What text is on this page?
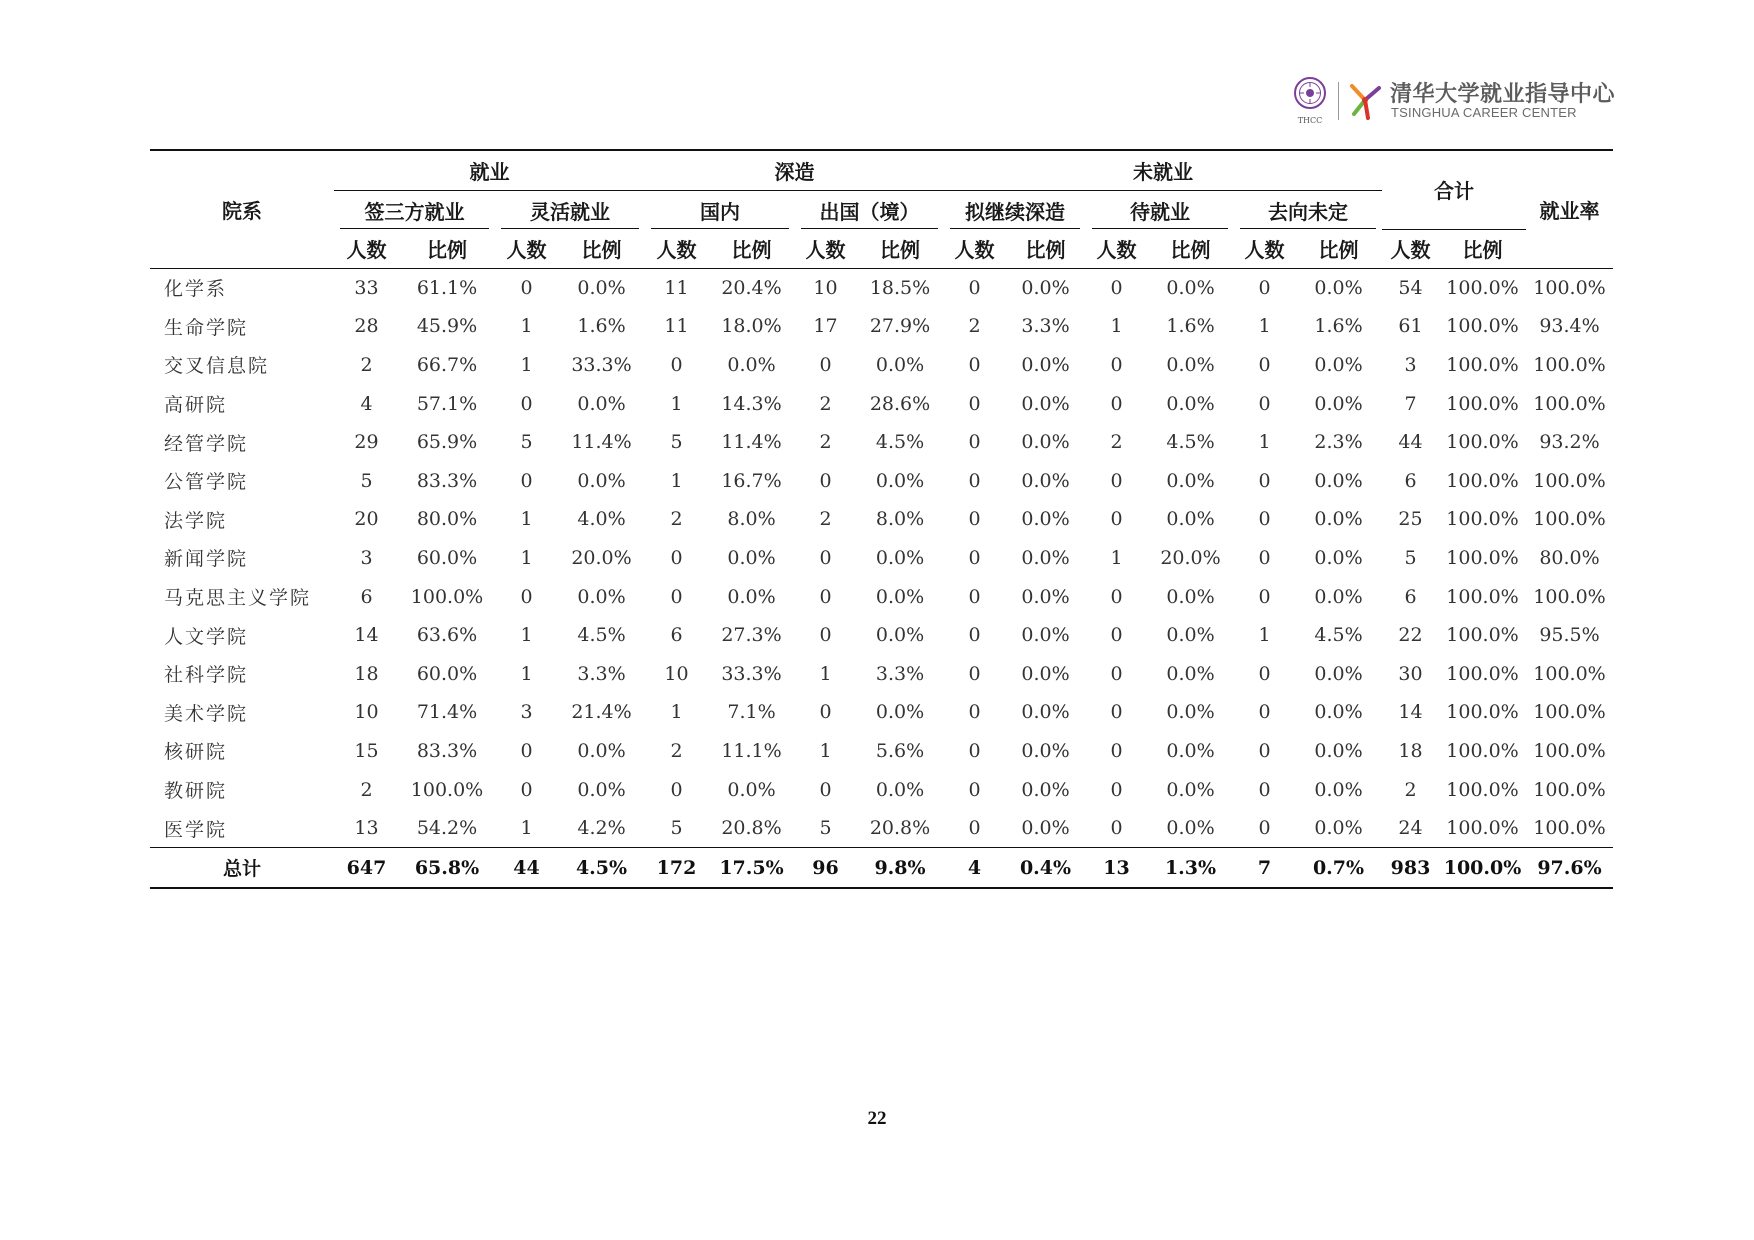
THCC
清华大学就业指导中心
TSINGHUA CAREER CENTER
院系	就业				深造				未就业						合计		就业率
	签三方就业		灵活就业		国内		出国（境）		拟继续深造		待就业		去向未定				
	人数	比例	人数	比例	人数	比例	人数	比例	人数	比例	人数	比例	人数	比例	人数	比例	
化学系	33	61.1%	0	0.0%	11	20.4%	10	18.5%	0	0.0%	0	0.0%	0	0.0%	54	100.0%	100.0%
生命学院	28	45.9%	1	1.6%	11	18.0%	17	27.9%	2	3.3%	1	1.6%	1	1.6%	61	100.0%	93.4%
交叉信息院	2	66.7%	1	33.3%	0	0.0%	0	0.0%	0	0.0%	0	0.0%	0	0.0%	3	100.0%	100.0%
高研院	4	57.1%	0	0.0%	1	14.3%	2	28.6%	0	0.0%	0	0.0%	0	0.0%	7	100.0%	100.0%
经管学院	29	65.9%	5	11.4%	5	11.4%	2	4.5%	0	0.0%	2	4.5%	1	2.3%	44	100.0%	93.2%
公管学院	5	83.3%	0	0.0%	1	16.7%	0	0.0%	0	0.0%	0	0.0%	0	0.0%	6	100.0%	100.0%
法学院	20	80.0%	1	4.0%	2	8.0%	2	8.0%	0	0.0%	0	0.0%	0	0.0%	25	100.0%	100.0%
新闻学院	3	60.0%	1	20.0%	0	0.0%	0	0.0%	0	0.0%	1	20.0%	0	0.0%	5	100.0%	80.0%
马克思主义学院	6	100.0%	0	0.0%	0	0.0%	0	0.0%	0	0.0%	0	0.0%	0	0.0%	6	100.0%	100.0%
人文学院	14	63.6%	1	4.5%	6	27.3%	0	0.0%	0	0.0%	0	0.0%	1	4.5%	22	100.0%	95.5%
社科学院	18	60.0%	1	3.3%	10	33.3%	1	3.3%	0	0.0%	0	0.0%	0	0.0%	30	100.0%	100.0%
美术学院	10	71.4%	3	21.4%	1	7.1%	0	0.0%	0	0.0%	0	0.0%	0	0.0%	14	100.0%	100.0%
核研院	15	83.3%	0	0.0%	2	11.1%	1	5.6%	0	0.0%	0	0.0%	0	0.0%	18	100.0%	100.0%
教研院	2	100.0%	0	0.0%	0	0.0%	0	0.0%	0	0.0%	0	0.0%	0	0.0%	2	100.0%	100.0%
医学院	13	54.2%	1	4.2%	5	20.8%	5	20.8%	0	0.0%	0	0.0%	0	0.0%	24	100.0%	100.0%
总计	647	65.8%	44	4.5%	172	17.5%	96	9.8%	4	0.4%	13	1.3%	7	0.7%	983	100.0%	97.6%
22
